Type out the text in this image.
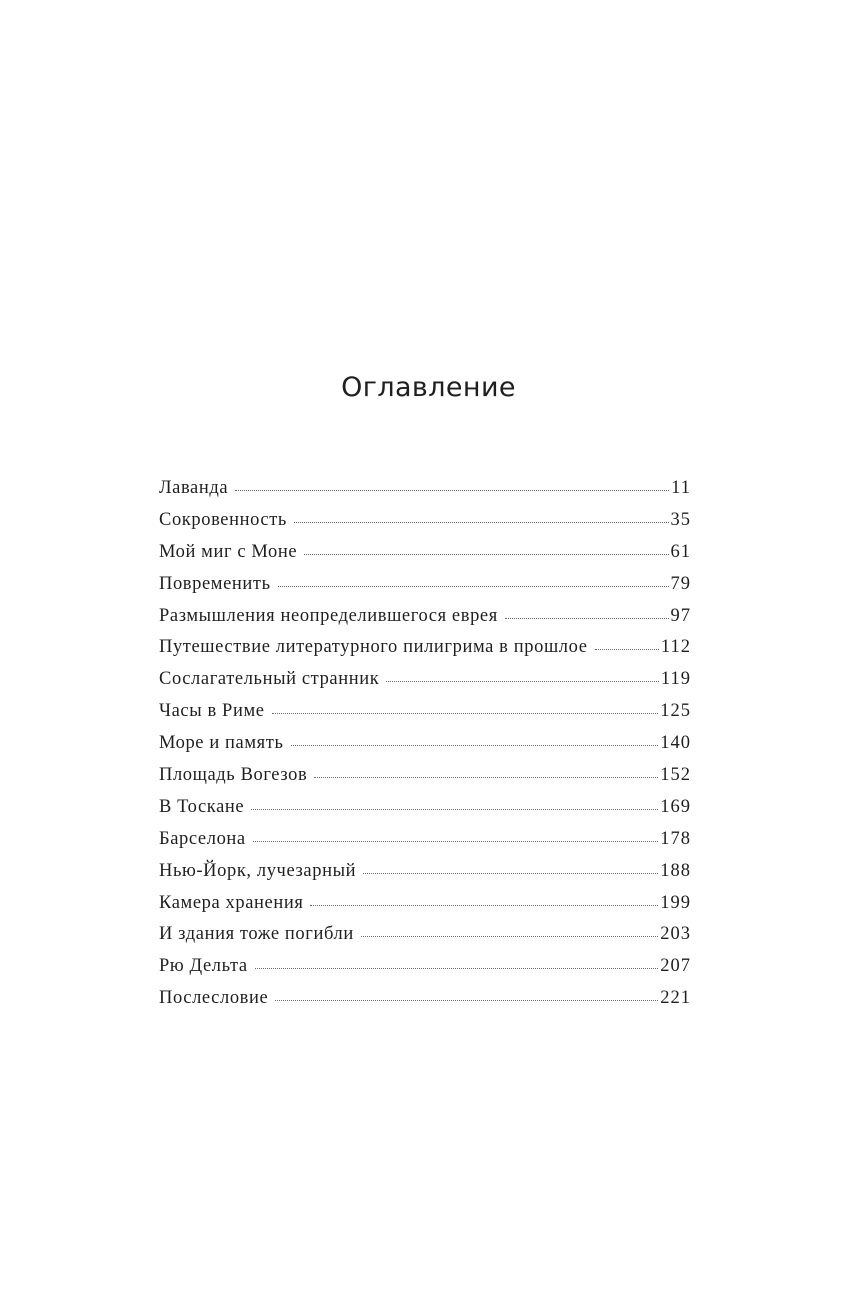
Оглавление
Лаванда	11
Сокровенность	35
Мой миг с Моне	61
Повременить	79
Размышления неопределившегося еврея	97
Путешествие литературного пилигрима в прошлое	112
Сослагательный странник	119
Часы в Риме	125
Море и память	140
Площадь Вогезов	152
В Тоскане	169
Барселона	178
Нью-Йорк, лучезарный	188
Камера хранения	199
И здания тоже погибли	203
Рю Дельта	207
Послесловие	221
